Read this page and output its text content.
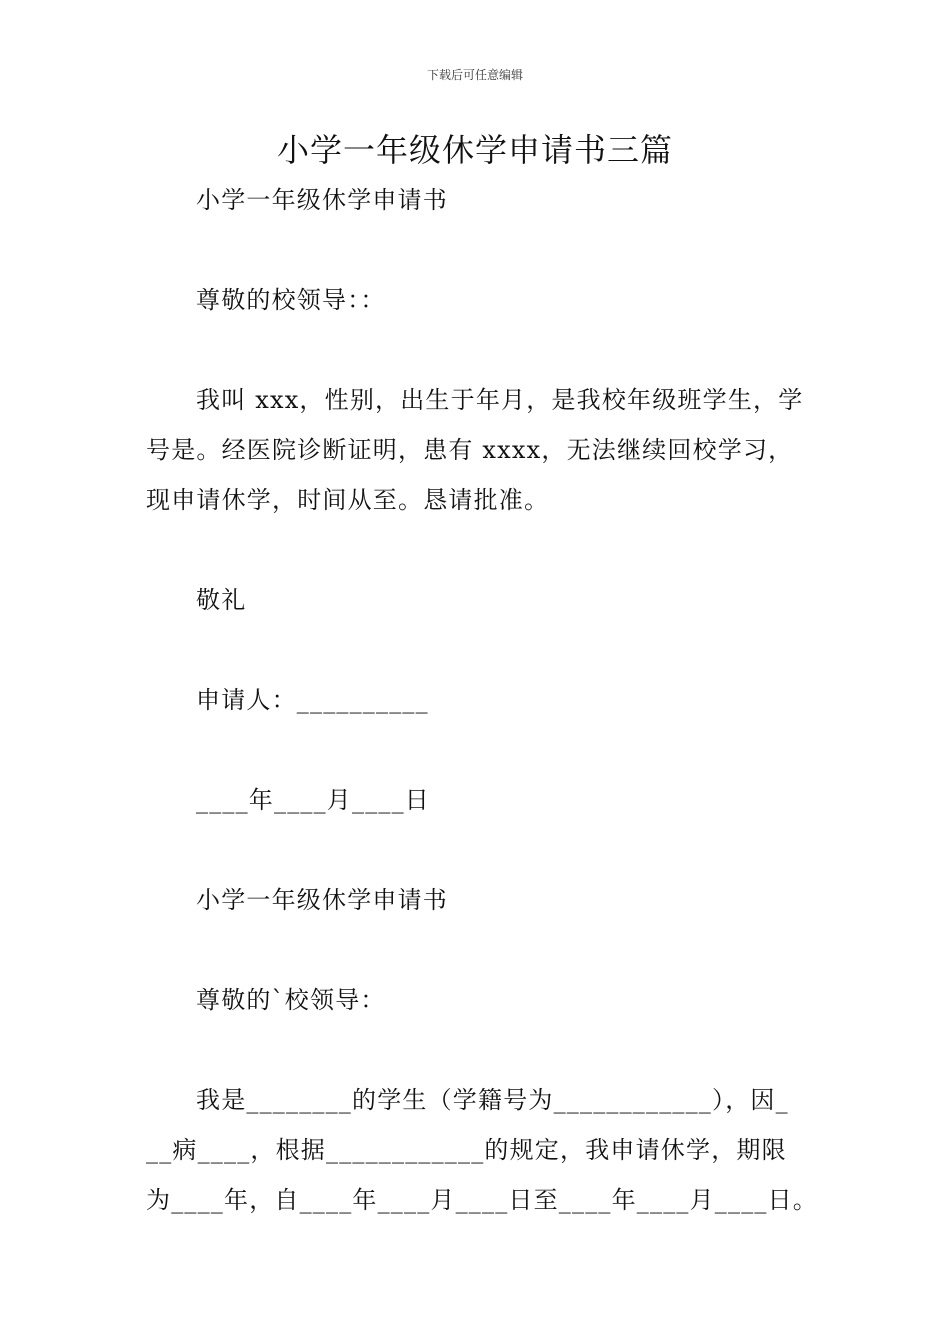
下载后可任意编辑
小学一年级休学申请书三篇
小学一年级休学申请书
尊敬的校领导：：
我叫 xxx，性别，出生于年月，是我校年级班学生，学
号是。经医院诊断证明，患有 xxxx，无法继续回校学习，
现申请休学，时间从至。恳请批准。
敬礼
申请人：__________
____年____月____日
小学一年级休学申请书
尊敬的`校领导：
我是________的学生（学籍号为____________），因_
__病____，根据____________的规定，我申请休学，期限
为____年，自____年____月____日至____年____月____日。
